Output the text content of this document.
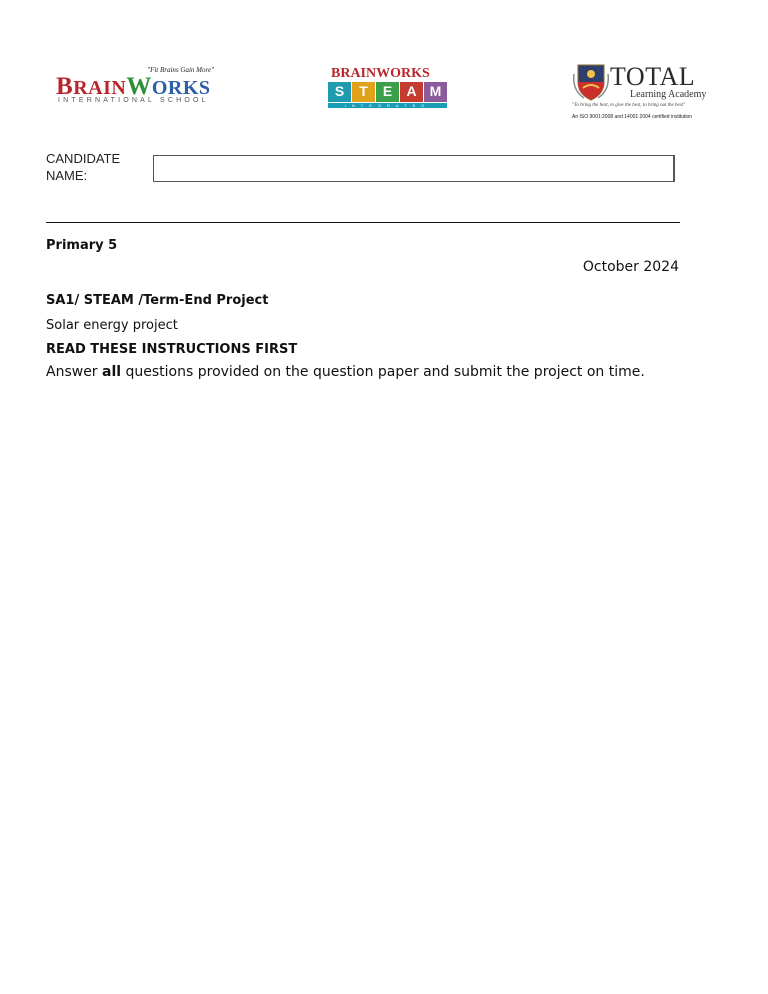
"Fit Brains Gain More"
BRAINWORKS
INTERNATIONAL SCHOOL
BRAINWORKS
S	T	E	A M
INTEGRATED
TOTAL
Learning Academy
"To bring the best, to give the best, to bring out the best"
An ISO 9001:2008 and 14001:2004 certified institution
CANDIDATE NAME:
Primary 5
October 2024
SA1/ STEAM /Term-End Project
Solar energy project
READ THESE INSTRUCTIONS FIRST
Answer all questions provided on the question paper and submit the project on time.
